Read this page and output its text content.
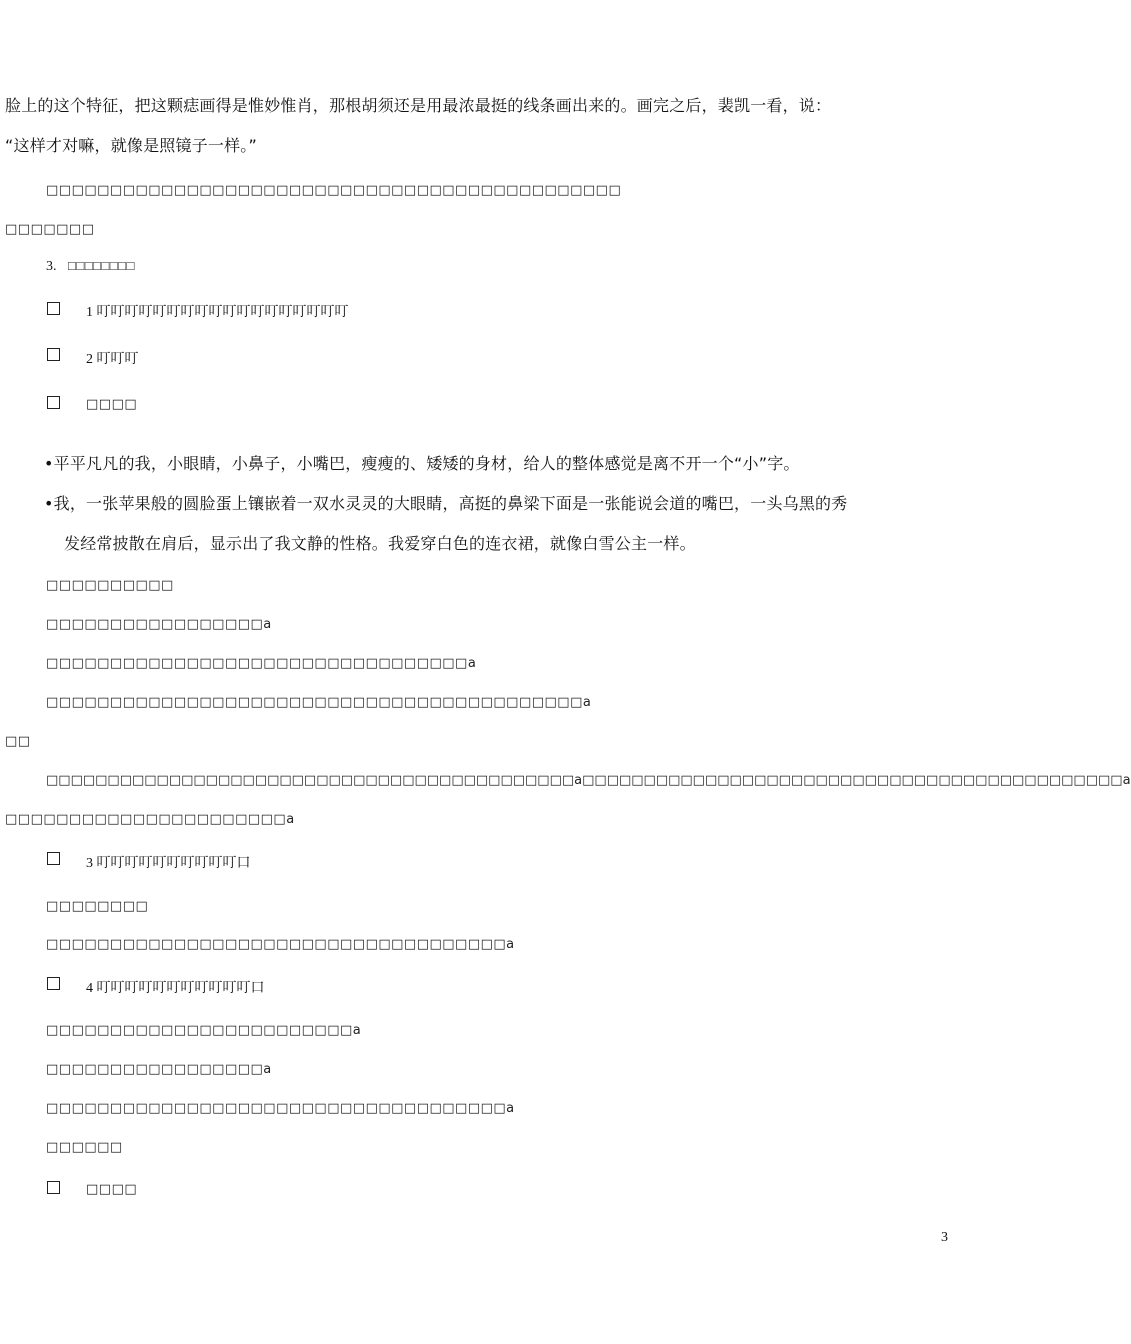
脸上的这个特征，把这颗痣画得是惟妙惟肖，那根胡须还是用最浓最挺的线条画出来的。画完之后，裴凯一看，说：
“这样才对嘛，就像是照镜子一样。”
□□□□□□□□□□□□□□□□□□□□□□□□□□□□□□□□□□□□□□□□□□□□□
□□□□□□□
3. □□□□□□□□
1 叮叮叮叮叮叮叮叮叮叮叮叮叮叮叮叮叮叮
2 叮叮叮
□□□□
•平平凡凡的我，小眼睛，小鼻子，小嘴巴，瘦瘦的、矮矮的身材，给人的整体感觉是离不开一个“小”字。
•我，一张苹果般的圆脸蛋上镶嵌着一双水灵灵的大眼睛，高挺的鼻梁下面是一张能说会道的嘴巴，一头乌黑的秀
发经常披散在肩后，显示出了我文静的性格。我爱穿白色的连衣裙，就像白雪公主一样。
□□□□□□□□□□
□□□□□□□□□□□□□□□□□a
□□□□□□□□□□□□□□□□□□□□□□□□□□□□□□□□□a
□□□□□□□□□□□□□□□□□□□□□□□□□□□□□□□□□□□□□□□□□□a
□□
□□□□□□□□□□□□□□□□□□□□□□□□□□□□□□□□□□□□□□□□□□□a□□□□□□□□□□□□□□□□□□□□□□□□□□□□□□□□□□□□□□□□□□□□a
□□□□□□□□□□□□□□□□□□□□□□a
3 叮叮叮叮叮叮叮叮叮叮口
□□□□□□□□
□□□□□□□□□□□□□□□□□□□□□□□□□□□□□□□□□□□□a
4 叮叮叮叮叮叮叮叮叮叮叮口
□□□□□□□□□□□□□□□□□□□□□□□□a
□□□□□□□□□□□□□□□□□a
□□□□□□□□□□□□□□□□□□□□□□□□□□□□□□□□□□□□a
□□□□□□
□□□□
3
